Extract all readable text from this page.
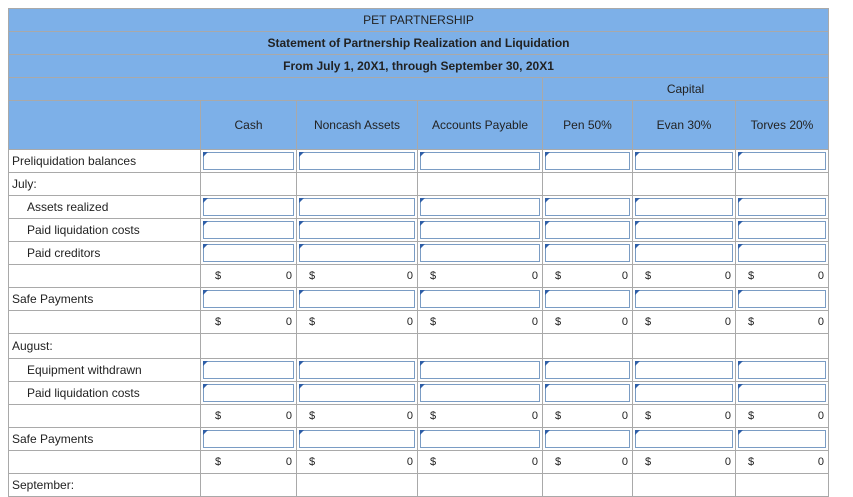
PET PARTNERSHIP						
Statement of Partnership Realization and Liquidation						
From July 1, 20X1, through September 30, 20X1						
				Capital		
	Cash	Noncash Assets	Accounts Payable	Pen 50%	Evan 30%	Torves 20%
Preliquidation balances	

July:						
Assets realized	

Paid liquidation costs	

Paid creditors	

	$ 0	$ 0	$ 0	$ 0	$ 0	$ 0

Safe Payments	

	$ 0	$ 0	$ 0	$ 0	$ 0	$ 0

August:						
Equipment withdrawn	

Paid liquidation costs	

	$ 0	$ 0	$ 0	$ 0	$ 0	$ 0

Safe Payments	

	$ 0	$ 0	$ 0	$ 0	$ 0	$ 0

September:						
